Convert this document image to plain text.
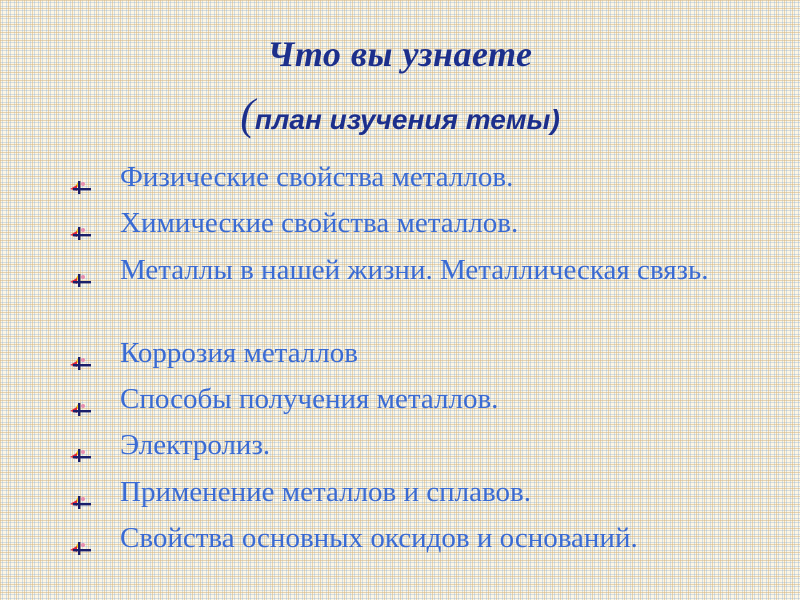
Что вы узнаете
(план изучения темы)
Физические свойства металлов.
Химические свойства металлов.
Металлы в нашей жизни. Металлическая связь.
Коррозия металлов
Способы получения металлов.
Электролиз.
Применение металлов и сплавов.
Свойства основных оксидов и оснований.
